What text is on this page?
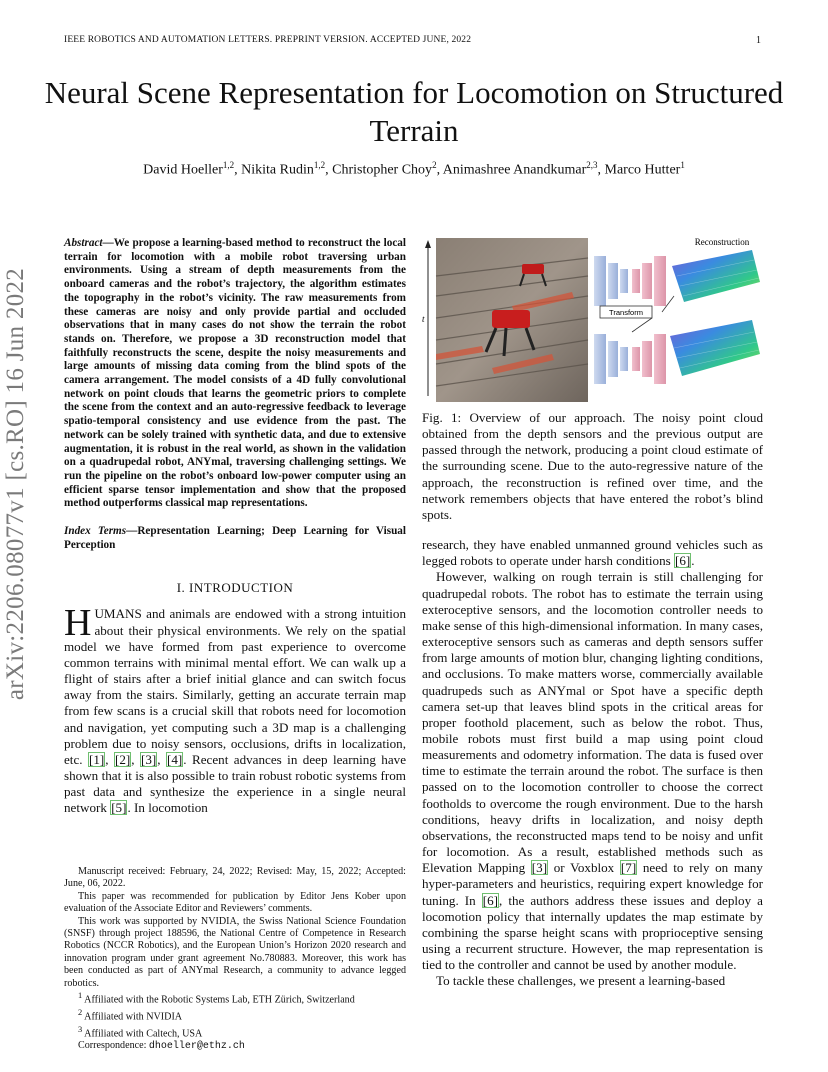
IEEE ROBOTICS AND AUTOMATION LETTERS. PREPRINT VERSION. ACCEPTED JUNE, 2022	1
Neural Scene Representation for Locomotion on Structured Terrain
David Hoeller$^{1,2}$, Nikita Rudin$^{1,2}$, Christopher Choy$^2$, Animashree Anandkumar$^{2,3}$, Marco Hutter$^1$
arXiv:2206.08077v1 [cs.RO] 16 Jun 2022

Abstract—We propose a learning-based method to reconstruct the local terrain for locomotion with a mobile robot traversing urban environments. Using a stream of depth measurements from the onboard cameras and the robot’s trajectory, the algorithm estimates the topography in the robot’s vicinity. The raw measurements from these cameras are noisy and only provide partial and occluded observations that in many cases do not show the terrain the robot stands on. Therefore, we propose a 3D reconstruction model that faithfully reconstructs the scene, despite the noisy measurements and large amounts of missing data coming from the blind spots of the camera arrangement. The model consists of a 4D fully convolutional network on point clouds that learns the geometric priors to complete the scene from the context and an auto-regressive feedback to leverage spatio-temporal consistency and use evidence from the past. The network can be solely trained with synthetic data, and due to extensive augmentation, it is robust in the real world, as shown in the validation on a quadrupedal robot, ANYmal, traversing challenging settings. We run the pipeline on the robot’s onboard low-power computer using an efficient sparse tensor implementation and show that the proposed method outperforms classical map representations.

Index Terms—Representation Learning; Deep Learning for Visual Perception

I. INTRODUCTION

HUMANS and animals are endowed with a strong intuition about their physical environments. We rely on the spatial model we have formed from past experience to overcome common terrains with minimal mental effort. We can walk up a flight of stairs after a brief initial glance and can switch focus away from the stairs. Similarly, getting an accurate terrain map from few scans is a crucial skill that robots need for locomotion and navigation, yet computing such a 3D map is a challenging problem due to noisy sensors, occlusions, drifts in localization, etc. [1], [2], [3], [4]. Recent advances in deep learning have shown that it is also possible to train robust robotic systems from past data and synthesize the experience in a single neural network [5]. In locomotion

Manuscript received: February, 24, 2022; Revised: May, 15, 2022; Accepted: June, 06, 2022.

This paper was recommended for publication by Editor Jens Kober upon evaluation of the Associate Editor and Reviewers’ comments.

This work was supported by NVIDIA, the Swiss National Science Foundation (SNSF) through project 188596, the National Centre of Competence in Research Robotics (NCCR Robotics), and the European Union’s Horizon 2020 research and innovation program under grant agreement No.780883. Moreover, this work has been conducted as part of ANYmal Research, a community to advance legged robotics.

$^1$ Affiliated with the Robotic Systems Lab, ETH Zürich, Switzerland

$^2$ Affiliated with NVIDIA

$^3$ Affiliated with Caltech, USA

Correspondence: dhoeller@ethz.ch

t
Transform
Reconstruction

Fig. 1: Overview of our approach. The noisy point cloud obtained from the depth sensors and the previous output are passed through the network, producing a point cloud estimate of the surrounding scene. Due to the auto-regressive nature of the approach, the reconstruction is refined over time, and the network remembers objects that have entered the robot’s blind spots.

research, they have enabled unmanned ground vehicles such as legged robots to operate under harsh conditions [6].

However, walking on rough terrain is still challenging for quadrupedal robots. The robot has to estimate the terrain using exteroceptive sensors, and the locomotion controller needs to make sense of this high-dimensional information. In many cases, exteroceptive sensors such as cameras and depth sensors suffer from large amounts of motion blur, changing lighting conditions, and occlusions. To make matters worse, commercially available quadrupeds such as ANYmal or Spot have a specific depth camera set-up that leaves blind spots in the critical areas for proper foothold placement, such as below the robot. Thus, mobile robots must first build a map using point cloud measurements and odometry information. The data is fused over time to estimate the terrain around the robot. The surface is then passed on to the locomotion controller to choose the correct footholds to overcome the rough environment. Due to the harsh conditions, heavy drifts in localization, and noisy depth observations, the reconstructed maps tend to be noisy and unfit for locomotion. As a result, established methods such as Elevation Mapping [3] or Voxblox [7] need to rely on many hyper-parameters and heuristics, requiring expert knowledge for tuning. In [6], the authors address these issues and deploy a locomotion policy that internally updates the map estimate by combining the sparse height scans with proprioceptive sensing using a recurrent structure. However, the map representation is tied to the controller and cannot be used by another module.

To tackle these challenges, we present a learning-based
